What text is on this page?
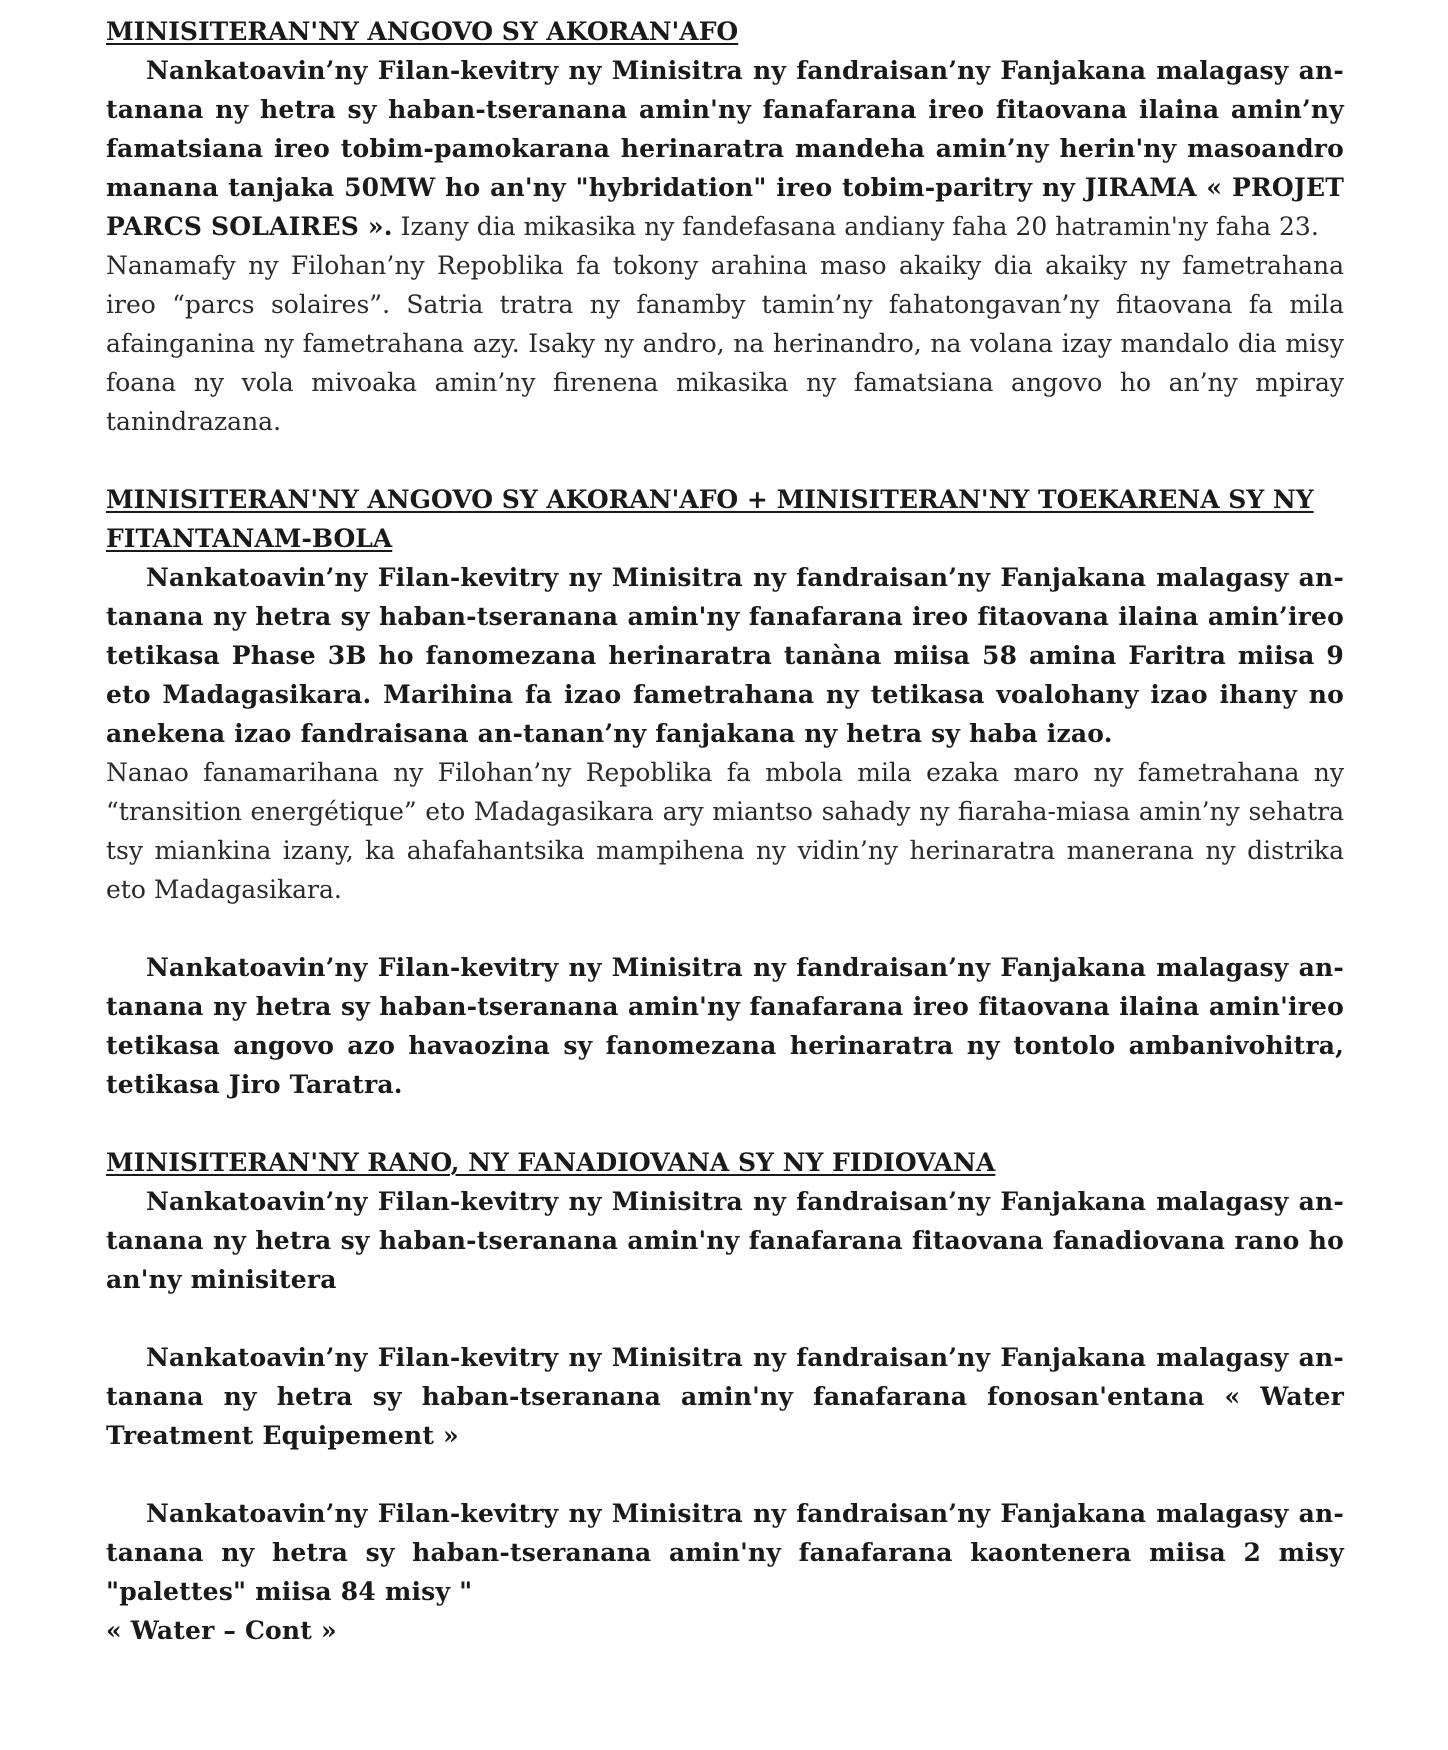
MINISITERAN'NY ANGOVO SY AKORAN'AFO

Nankatoavin’ny Filan-kevitry ny Minisitra ny fandraisan’ny Fanjakana malagasy an-tanana ny hetra sy haban-tseranana amin'ny fanafarana ireo fitaovana ilaina amin’ny famatsiana ireo tobim-pamokarana herinaratra mandeha amin’ny herin'ny masoandro manana tanjaka 50MW ho an'ny "hybridation" ireo tobim-paritry ny JIRAMA « PROJET PARCS SOLAIRES ». Izany dia mikasika ny fandefasana andiany faha 20 hatramin'ny faha 23.

Nanamafy ny Filohan’ny Repoblika fa tokony arahina maso akaiky dia akaiky ny fametrahana ireo “parcs solaires”. Satria tratra ny fanamby tamin’ny fahatongavan’ny fitaovana fa mila afainganina ny fametrahana azy. Isaky ny andro, na herinandro, na volana izay mandalo dia misy foana ny vola mivoaka amin’ny firenena mikasika ny famatsiana angovo ho an’ny mpiray tanindrazana.

MINISITERAN'NY ANGOVO SY AKORAN'AFO + MINISITERAN'NY TOEKARENA SY NY FITANTANAM-BOLA

Nankatoavin’ny Filan-kevitry ny Minisitra ny fandraisan’ny Fanjakana malagasy an-tanana ny hetra sy haban-tseranana amin'ny fanafarana ireo fitaovana ilaina amin’ireo tetikasa Phase 3B ho fanomezana herinaratra tanàna miisa 58 amina Faritra miisa 9 eto Madagasikara. Marihina fa izao fametrahana ny tetikasa voalohany izao ihany no anekena izao fandraisana an-tanan’ny fanjakana ny hetra sy haba izao.

Nanao fanamarihana ny Filohan’ny Repoblika fa mbola mila ezaka maro ny fametrahana ny “transition energétique” eto Madagasikara ary miantso sahady ny fiaraha-miasa amin’ny sehatra tsy miankina izany, ka ahafahantsika mampihena ny vidin’ny herinaratra manerana ny distrika eto Madagasikara.

Nankatoavin’ny Filan-kevitry ny Minisitra ny fandraisan’ny Fanjakana malagasy an-tanana ny hetra sy haban-tseranana amin'ny fanafarana ireo fitaovana ilaina amin'ireo tetikasa angovo azo havaozina sy fanomezana herinaratra ny tontolo ambanivohitra, tetikasa Jiro Taratra.

MINISITERAN'NY RANO, NY FANADIOVANA SY NY FIDIOVANA

Nankatoavin’ny Filan-kevitry ny Minisitra ny fandraisan’ny Fanjakana malagasy an-tanana ny hetra sy haban-tseranana amin'ny fanafarana fitaovana fanadiovana rano ho an'ny minisitera

Nankatoavin’ny Filan-kevitry ny Minisitra ny fandraisan’ny Fanjakana malagasy an-tanana ny hetra sy haban-tseranana amin'ny fanafarana fonosan'entana « Water Treatment Equipement »

Nankatoavin’ny Filan-kevitry ny Minisitra ny fandraisan’ny Fanjakana malagasy an-tanana ny hetra sy haban-tseranana amin'ny fanafarana kaontenera miisa 2 misy "palettes" miisa 84 misy "

« Water – Cont »
